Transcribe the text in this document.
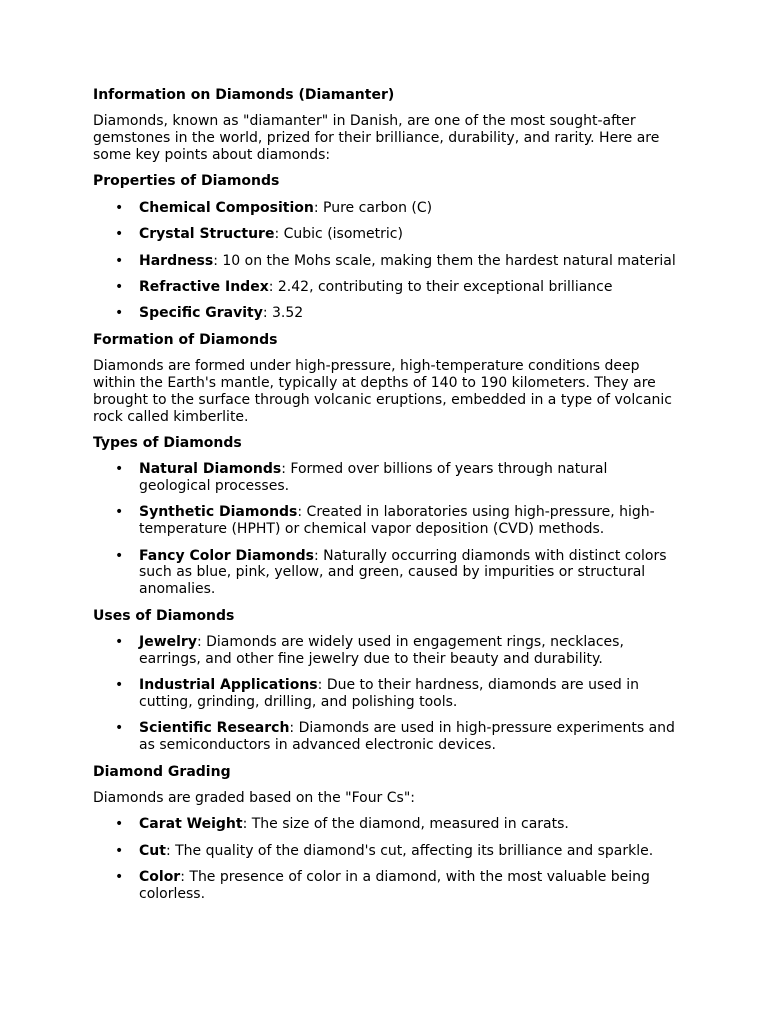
Information on Diamonds (Diamanter)

Diamonds, known as "diamanter" in Danish, are one of the most sought-after gemstones in the world, prized for their brilliance, durability, and rarity. Here are some key points about diamonds:

Properties of Diamonds
• Chemical Composition: Pure carbon (C)
• Crystal Structure: Cubic (isometric)
• Hardness: 10 on the Mohs scale, making them the hardest natural material
• Refractive Index: 2.42, contributing to their exceptional brilliance
• Specific Gravity: 3.52
Formation of Diamonds

Diamonds are formed under high-pressure, high-temperature conditions deep within the Earth's mantle, typically at depths of 140 to 190 kilometers. They are brought to the surface through volcanic eruptions, embedded in a type of volcanic rock called kimberlite.

Types of Diamonds
• Natural Diamonds: Formed over billions of years through natural geological processes.
• Synthetic Diamonds: Created in laboratories using high-pressure, high-temperature (HPHT) or chemical vapor deposition (CVD) methods.
• Fancy Color Diamonds: Naturally occurring diamonds with distinct colors such as blue, pink, yellow, and green, caused by impurities or structural anomalies.
Uses of Diamonds
• Jewelry: Diamonds are widely used in engagement rings, necklaces, earrings, and other fine jewelry due to their beauty and durability.
• Industrial Applications: Due to their hardness, diamonds are used in cutting, grinding, drilling, and polishing tools.
• Scientific Research: Diamonds are used in high-pressure experiments and as semiconductors in advanced electronic devices.
Diamond Grading

Diamonds are graded based on the "Four Cs":

• Carat Weight: The size of the diamond, measured in carats.
• Cut: The quality of the diamond's cut, affecting its brilliance and sparkle.
• Color: The presence of color in a diamond, with the most valuable being colorless.
